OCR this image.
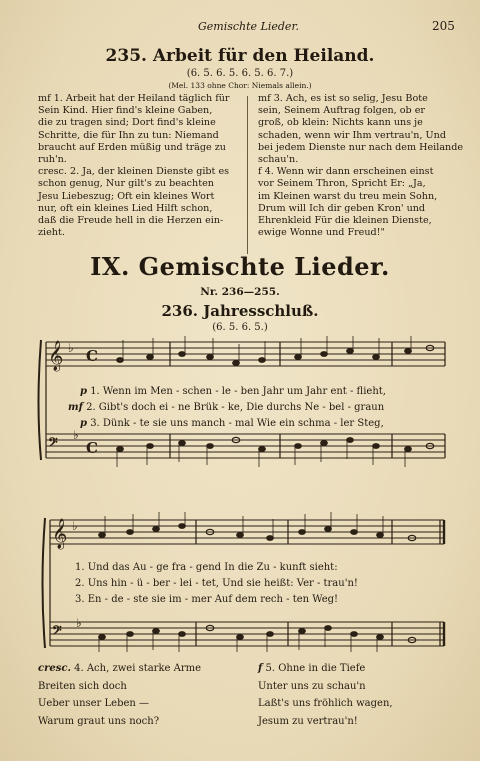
Gemischte Lieder.	205
235. Arbeit für den Heiland.
(6. 5. 6. 5. 6. 5. 6. 7.)
(Mel. 133 ohne Chor: Niemals allein.)
mf 1. Arbeit hat der Heiland täglich für
Sein Kind. Hier find's kleine Gaben,
die zu tragen sind; Dort find's kleine
Schritte, die für Ihn zu tun: Niemand
braucht auf Erden müßig und träge zu
ruh'n.
cresc. 2. Ja, der kleinen Dienste gibt es
schon genug, Nur gilt's zu beachten
Jesu Liebeszug; Oft ein kleines Wort
nur, oft ein kleines Lied Hilft schon,
daß die Freude hell in die Herzen ein-
zieht.
mf 3. Ach, es ist so selig, Jesu Bote
sein, Seinem Auftrag folgen, ob er
groß, ob klein: Nichts kann uns je
schaden, wenn wir Ihm vertrau'n, Und
bei jedem Dienste nur nach dem Heilande
schau'n.
f 4. Wenn wir dann erscheinen einst
vor Seinem Thron, Spricht Er: „Ja,
im Kleinen warst du treu mein Sohn,
Drum will Ich dir geben Kron' und
Ehrenkleid Für die kleinen Dienste,
ewige Wonne und Freud!"
IX. Gemischte Lieder.
Nr. 236—255.
236. Jahresschluß.
(6. 5. 6. 5.)
𝄞
𝄢
♭
♭
C
C
p 1. Wenn im Men - schen - le - ben Jahr um Jahr ent - flieht,
mf 2. Gibt's doch ei - ne Brük - ke, Die durchs Ne - bel - graun
p 3. Dünk - te sie uns manch - mal Wie ein schma - ler Steg,
𝄞
𝄢
♭
♭
1. Und das Au - ge fra - gend In die Zu - kunft sieht:
2. Uns hin - ü - ber - lei - tet, Und sie heißt: Ver - trau'n!
3. En - de - ste sie im - mer Auf dem rech - ten Weg!
cresc. 4. Ach, zwei starke Arme
Breiten sich doch
Ueber unser Leben —
Warum graut uns noch?
f 5. Ohne in die Tiefe
Unter uns zu schau'n
Laßt's uns fröhlich wagen,
Jesum zu vertrau'n!
